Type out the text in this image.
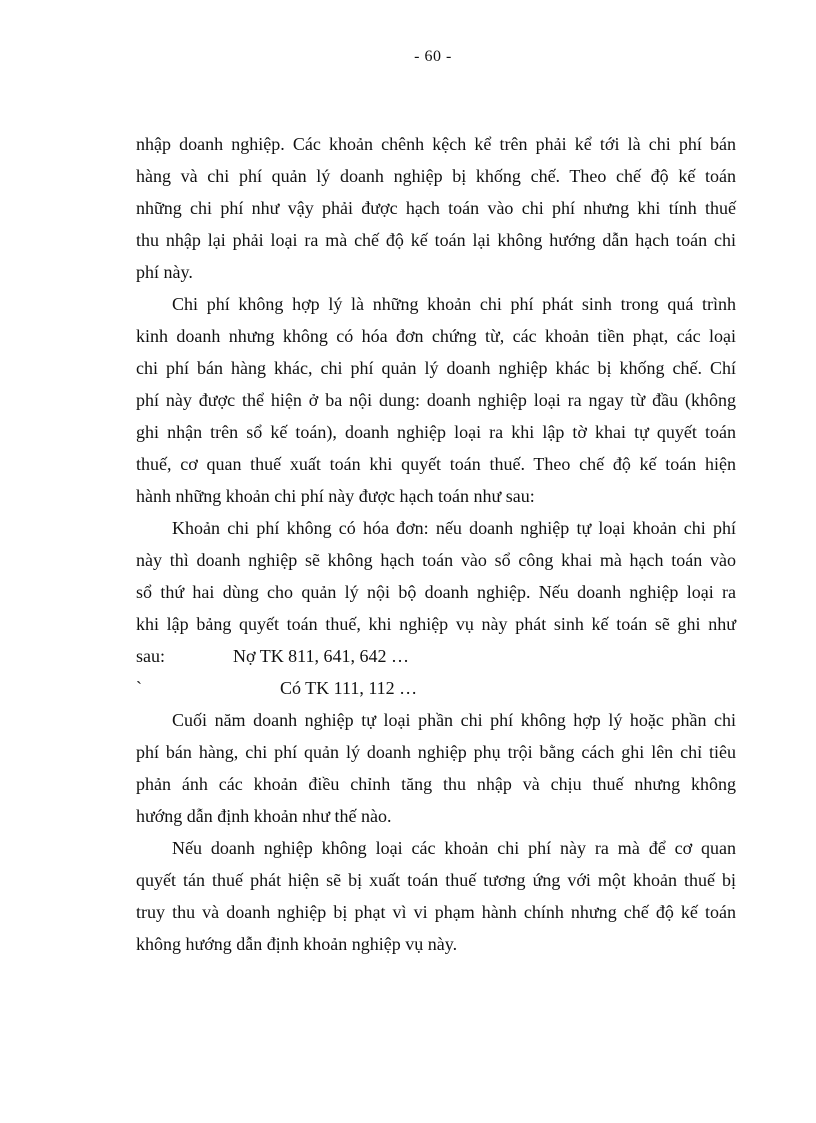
- 60 -
nhập doanh nghiệp. Các khoản chênh kệch kể trên phải kể tới là chi phí bán
hàng và chi phí quản lý doanh nghiệp bị khống chế. Theo chế độ kế toán
những chi phí như vậy phải được hạch toán vào chi phí nhưng khi tính thuế
thu nhập lại phải loại ra mà chế độ kế toán lại không hướng dẫn hạch toán chi
phí này.
Chi phí không hợp lý là những khoản chi phí phát sinh trong quá trình
kinh doanh nhưng không có hóa đơn chứng từ, các khoản tiền phạt, các loại
chi phí bán hàng khác, chi phí quản lý doanh nghiệp khác bị khống chế. Chí
phí này được thể hiện ở ba nội dung: doanh nghiệp loại ra ngay từ đầu (không
ghi nhận trên sổ kế toán), doanh nghiệp loại ra khi lập tờ khai tự quyết toán
thuế, cơ quan thuế xuất toán khi quyết toán thuế. Theo chế độ kế toán hiện
hành những khoản chi phí này được hạch toán như sau:
Khoản chi phí không có hóa đơn: nếu doanh nghiệp tự loại khoản chi phí
này thì doanh nghiệp sẽ không hạch toán vào sổ công khai mà hạch toán vào
sổ thứ hai dùng cho quản lý nội bộ doanh nghiệp. Nếu doanh nghiệp loại ra
khi lập bảng quyết toán thuế, khi nghiệp vụ này phát sinh kế toán sẽ ghi như
sau:	Nợ TK 811, 641, 642 …
`	Có TK 111, 112 …
Cuối năm doanh nghiệp tự loại phần chi phí không hợp lý hoặc phần chi
phí bán hàng, chi phí quản lý doanh nghiệp phụ trội bằng cách ghi lên chỉ tiêu
phản ánh các khoản điều chỉnh tăng thu nhập và chịu thuế nhưng không
hướng dẫn định khoản như thế nào.
Nếu doanh nghiệp không loại các khoản chi phí này ra mà để cơ quan
quyết tán thuế phát hiện sẽ bị xuất toán thuế tương ứng với một khoản thuế bị
truy thu và doanh nghiệp bị phạt vì vi phạm hành chính nhưng chế độ kế toán
không hướng dẫn định khoản nghiệp vụ này.
